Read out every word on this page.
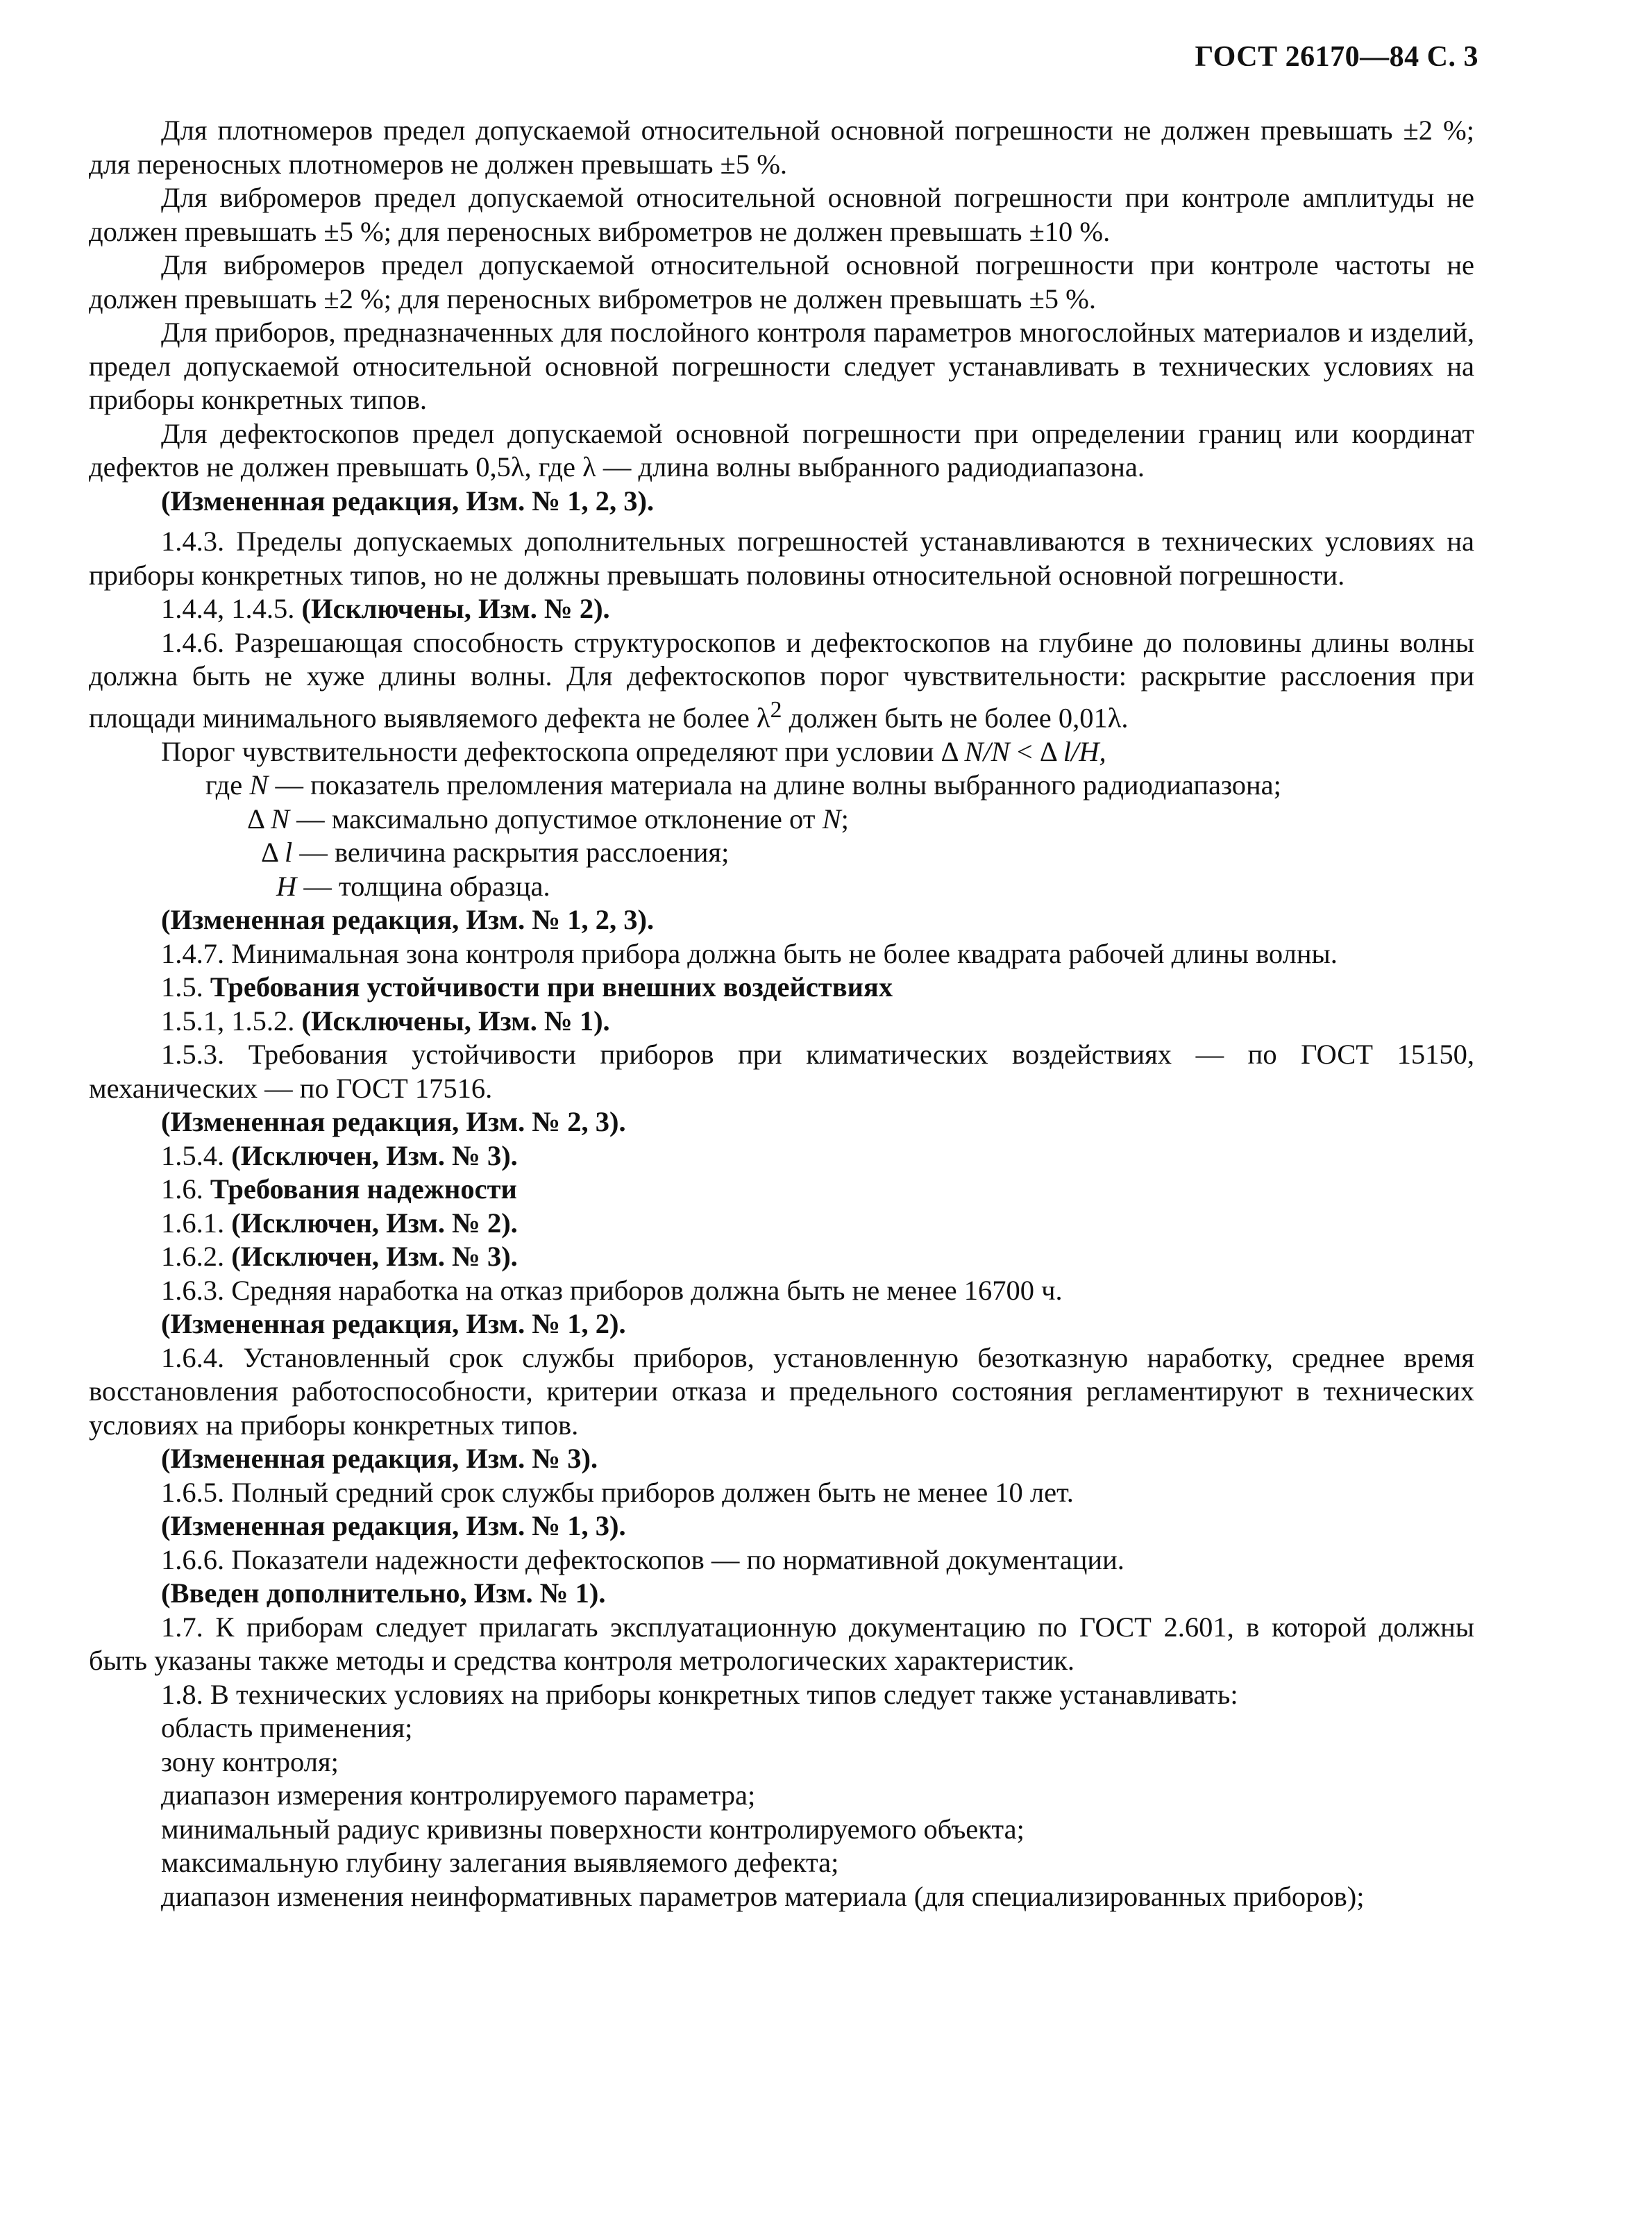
ГОСТ 26170—84 С. 3

Для плотномеров предел допускаемой относительной основной погрешности не должен превышать ±2 %; для переносных плотномеров не должен превышать ±5 %.

Для вибромеров предел допускаемой относительной основной погрешности при контроле амплитуды не должен превышать ±5 %; для переносных виброметров не должен превышать ±10 %.

Для вибромеров предел допускаемой относительной основной погрешности при контроле частоты не должен превышать ±2 %; для переносных виброметров не должен превышать ±5 %.

Для приборов, предназначенных для послойного контроля параметров многослойных материалов и изделий, предел допускаемой относительной основной погрешности следует устанавливать в технических условиях на приборы конкретных типов.

Для дефектоскопов предел допускаемой основной погрешности при определении границ или координат дефектов не должен превышать 0,5λ, где λ — длина волны выбранного радиодиапазона.

(Измененная редакция, Изм. № 1, 2, 3).

1.4.3. Пределы допускаемых дополнительных погрешностей устанавливаются в технических условиях на приборы конкретных типов, но не должны превышать половины относительной основной погрешности.

1.4.4, 1.4.5. (Исключены, Изм. № 2).

1.4.6. Разрешающая способность структуроскопов и дефектоскопов на глубине до половины длины волны должна быть не хуже длины волны. Для дефектоскопов порог чувствительности: раскрытие расслоения при площади минимального выявляемого дефекта не более $\lambda^2$ должен быть не более 0,01λ.

Порог чувствительности дефектоскопа определяют при условии Δ N/N < Δ l/H,

где N — показатель преломления материала на длине волны выбранного радиодиапазона;

Δ N — максимально допустимое отклонение от N;

Δ l — величина раскрытия расслоения;

H — толщина образца.

(Измененная редакция, Изм. № 1, 2, 3).

1.4.7. Минимальная зона контроля прибора должна быть не более квадрата рабочей длины волны.

1.5. Требования устойчивости при внешних воздействиях

1.5.1, 1.5.2. (Исключены, Изм. № 1).

1.5.3. Требования устойчивости приборов при климатических воздействиях — по ГОСТ 15150, механических — по ГОСТ 17516.

(Измененная редакция, Изм. № 2, 3).

1.5.4. (Исключен, Изм. № 3).

1.6. Требования надежности

1.6.1. (Исключен, Изм. № 2).

1.6.2. (Исключен, Изм. № 3).

1.6.3. Средняя наработка на отказ приборов должна быть не менее 16700 ч.

(Измененная редакция, Изм. № 1, 2).

1.6.4. Установленный срок службы приборов, установленную безотказную наработку, среднее время восстановления работоспособности, критерии отказа и предельного состояния регламентируют в технических условиях на приборы конкретных типов.

(Измененная редакция, Изм. № 3).

1.6.5. Полный средний срок службы приборов должен быть не менее 10 лет.

(Измененная редакция, Изм. № 1, 3).

1.6.6. Показатели надежности дефектоскопов — по нормативной документации.

(Введен дополнительно, Изм. № 1).

1.7. К приборам следует прилагать эксплуатационную документацию по ГОСТ 2.601, в которой должны быть указаны также методы и средства контроля метрологических характеристик.

1.8. В технических условиях на приборы конкретных типов следует также устанавливать:

область применения;

зону контроля;

диапазон измерения контролируемого параметра;

минимальный радиус кривизны поверхности контролируемого объекта;

максимальную глубину залегания выявляемого дефекта;

диапазон изменения неинформативных параметров материала (для специализированных приборов);
